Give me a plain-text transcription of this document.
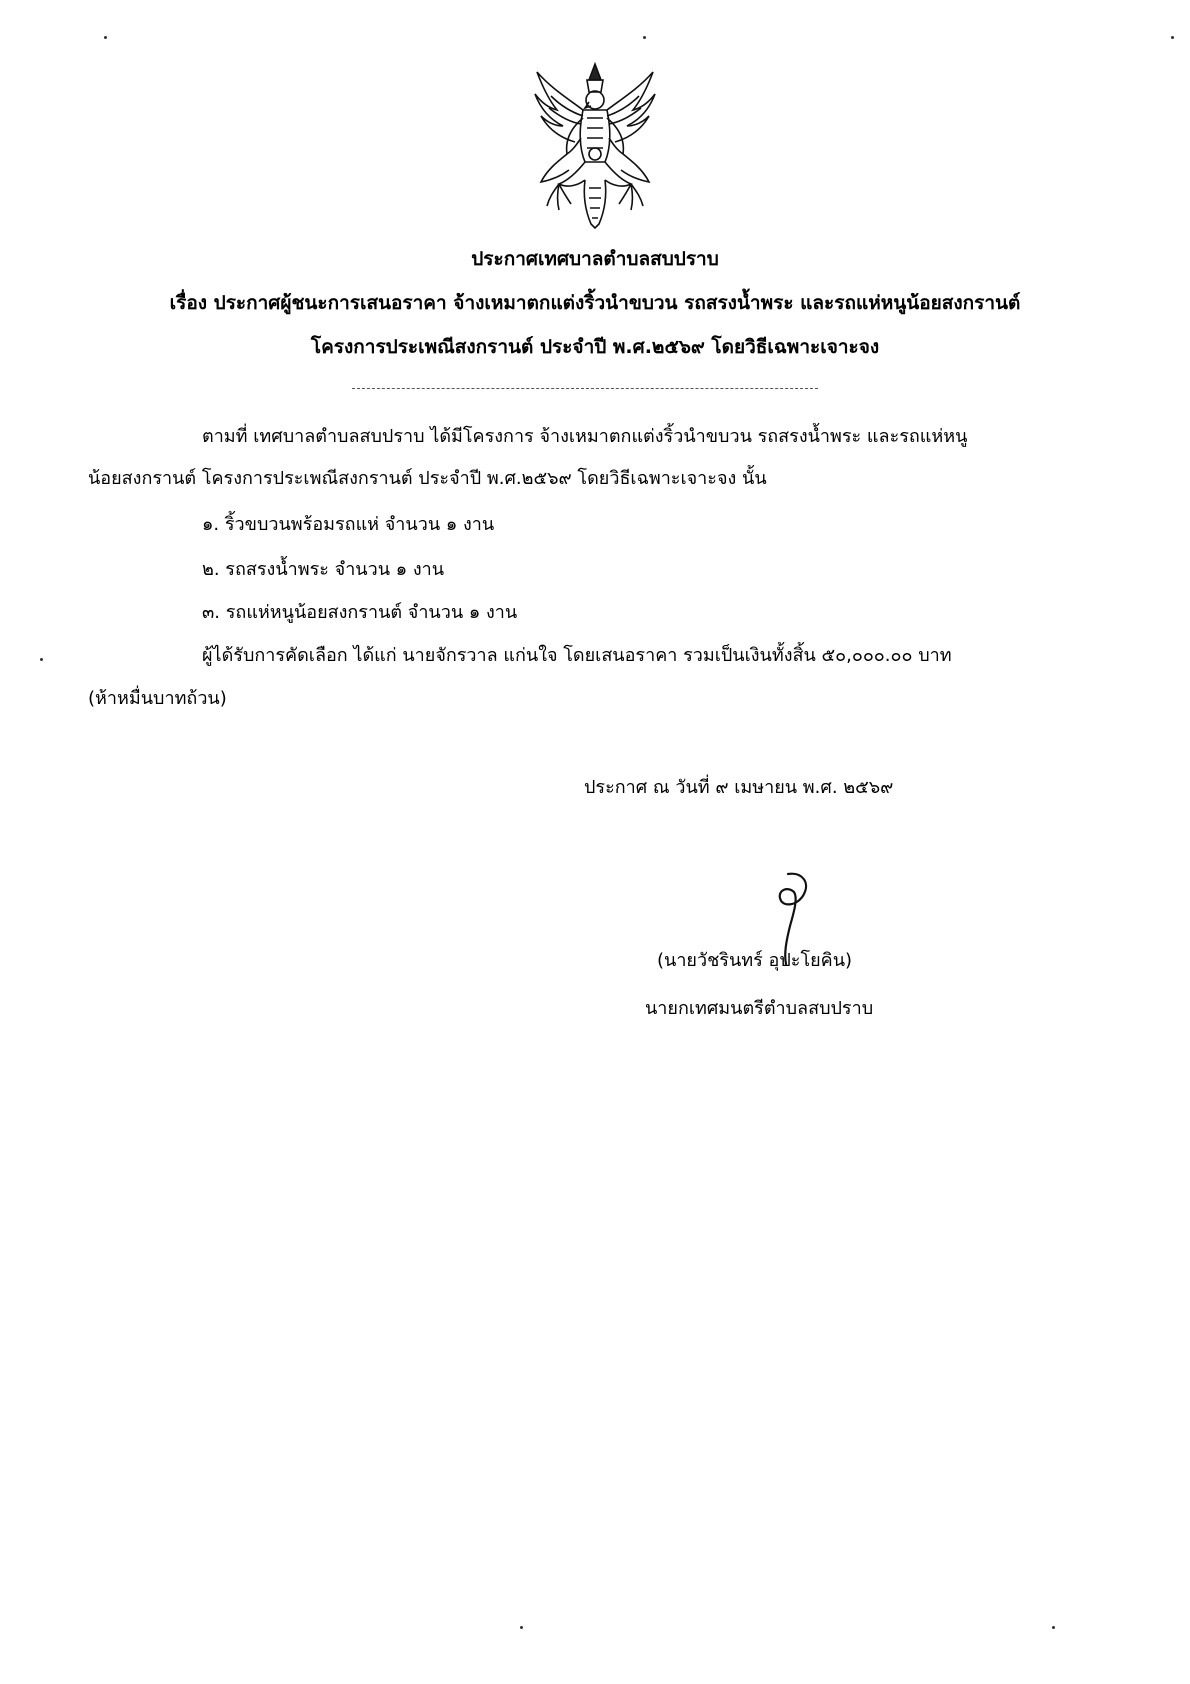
ประกาศเทศบาลตำบลสบปราบ
เรื่อง ประกาศผู้ชนะการเสนอราคา จ้างเหมาตกแต่งริ้วนำขบวน รถสรงน้ำพระ และรถแห่หนูน้อยสงกรานต์
โครงการประเพณีสงกรานต์ ประจำปี พ.ศ.๒๕๖๙ โดยวิธีเฉพาะเจาะจง
ตามที่ เทศบาลตำบลสบปราบ ได้มีโครงการ จ้างเหมาตกแต่งริ้วนำขบวน รถสรงน้ำพระ และรถแห่หนู
น้อยสงกรานต์ โครงการประเพณีสงกรานต์ ประจำปี พ.ศ.๒๕๖๙ โดยวิธีเฉพาะเจาะจง นั้น
๑. ริ้วขบวนพร้อมรถแห่ จำนวน ๑ งาน
๒. รถสรงน้ำพระ จำนวน ๑ งาน
๓. รถแห่หนูน้อยสงกรานต์ จำนวน ๑ งาน
ผู้ได้รับการคัดเลือก ได้แก่ นายจักรวาล แก่นใจ โดยเสนอราคา รวมเป็นเงินทั้งสิ้น ๕๐,๐๐๐.๐๐ บาท
(ห้าหมื่นบาทถ้วน)
ประกาศ ณ วันที่ ๙ เมษายน พ.ศ. ๒๕๖๙
(นายวัชรินทร์ อุปะโยคิน)
นายกเทศมนตรีตำบลสบปราบ
